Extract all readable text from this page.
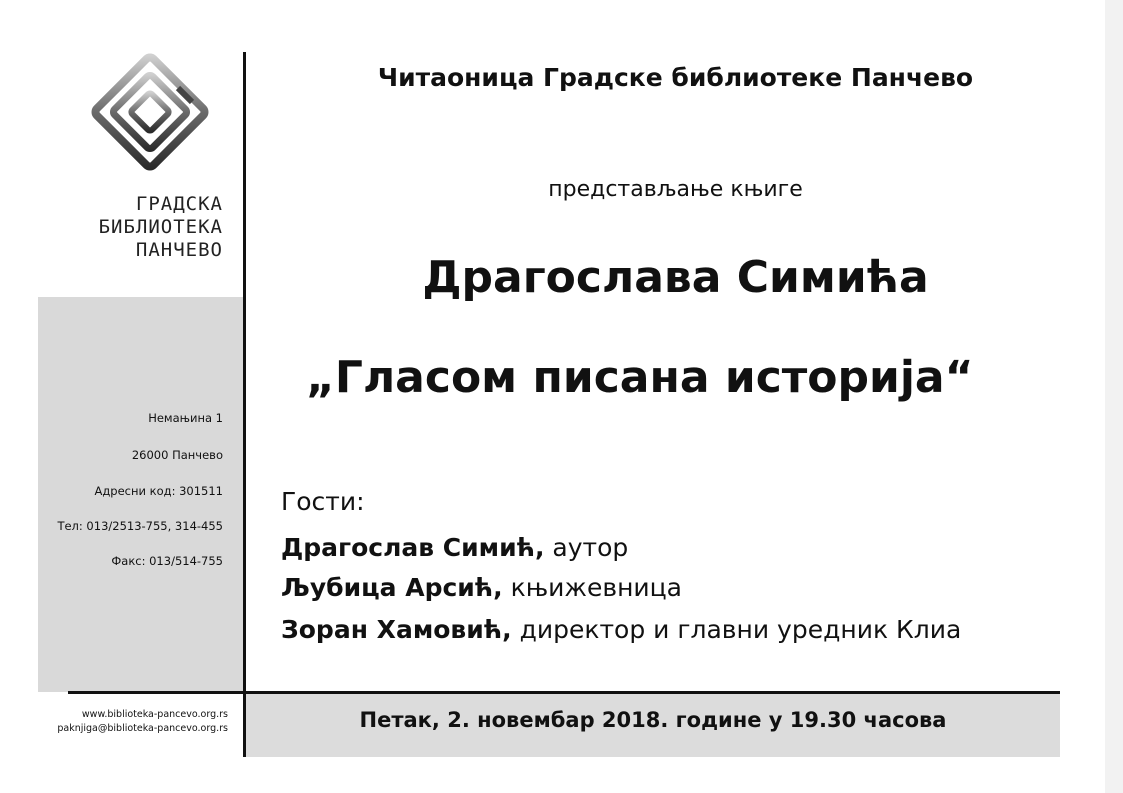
ГРАДСКА
БИБЛИОТЕКА
ПАНЧЕВО
Немањина 1
26000 Панчево
Адресни код: 301511
Тел: 013/2513-755, 314-455
Факс: 013/514-755
www.biblioteka-pancevo.org.rs
paknjiga@biblioteka-pancevo.org.rs
Читаоница Градске библиотеке Панчево
представљање књиге
Драгослава Симића
„Гласом писана историја“
Гости:
Драгослав Симић, аутор
Љубица Арсић, књижевница
Зоран Хамовић, директор и главни уредник Клиа
Петак, 2. новембар 2018. године у 19.30 часова
